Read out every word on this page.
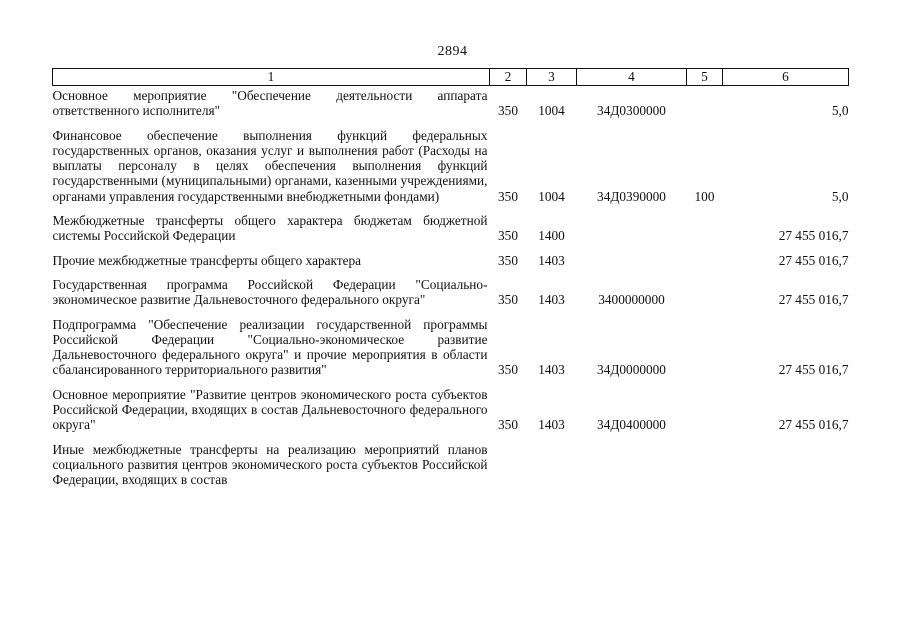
2894
1	2	3	4	5	6
Основное мероприятие "Обеспечение деятельности аппарата ответственного исполнителя"	350	1004	34Д0300000		5,0

Финансовое обеспечение выполнения функций федеральных государственных органов, оказания услуг и выполнения работ (Расходы на выплаты персоналу в целях обеспечения выполнения функций государственными (муниципальными) органами, казенными учреждениями, органами управления государственными внебюджетными фондами)	350	1004	34Д0390000	100	5,0

Межбюджетные трансферты общего характера бюджетам бюджетной системы Российской Федерации	350	1400			27 455 016,7

Прочие межбюджетные трансферты общего характера	350	1403			27 455 016,7

Государственная программа Российской Федерации "Социально-экономическое развитие Дальневосточного федерального округа"	350	1403	3400000000		27 455 016,7

Подпрограмма "Обеспечение реализации государственной программы Российской Федерации "Социально-экономическое развитие Дальневосточного федерального округа" и прочие мероприятия в области сбалансированного территориального развития"	350	1403	34Д0000000		27 455 016,7

Основное мероприятие "Развитие центров экономического роста субъектов Российской Федерации, входящих в состав Дальневосточного федерального округа"	350	1403	34Д0400000		27 455 016,7

Иные межбюджетные трансферты на реализацию мероприятий планов социального развития центров экономического роста субъектов Российской Федерации, входящих в состав					
